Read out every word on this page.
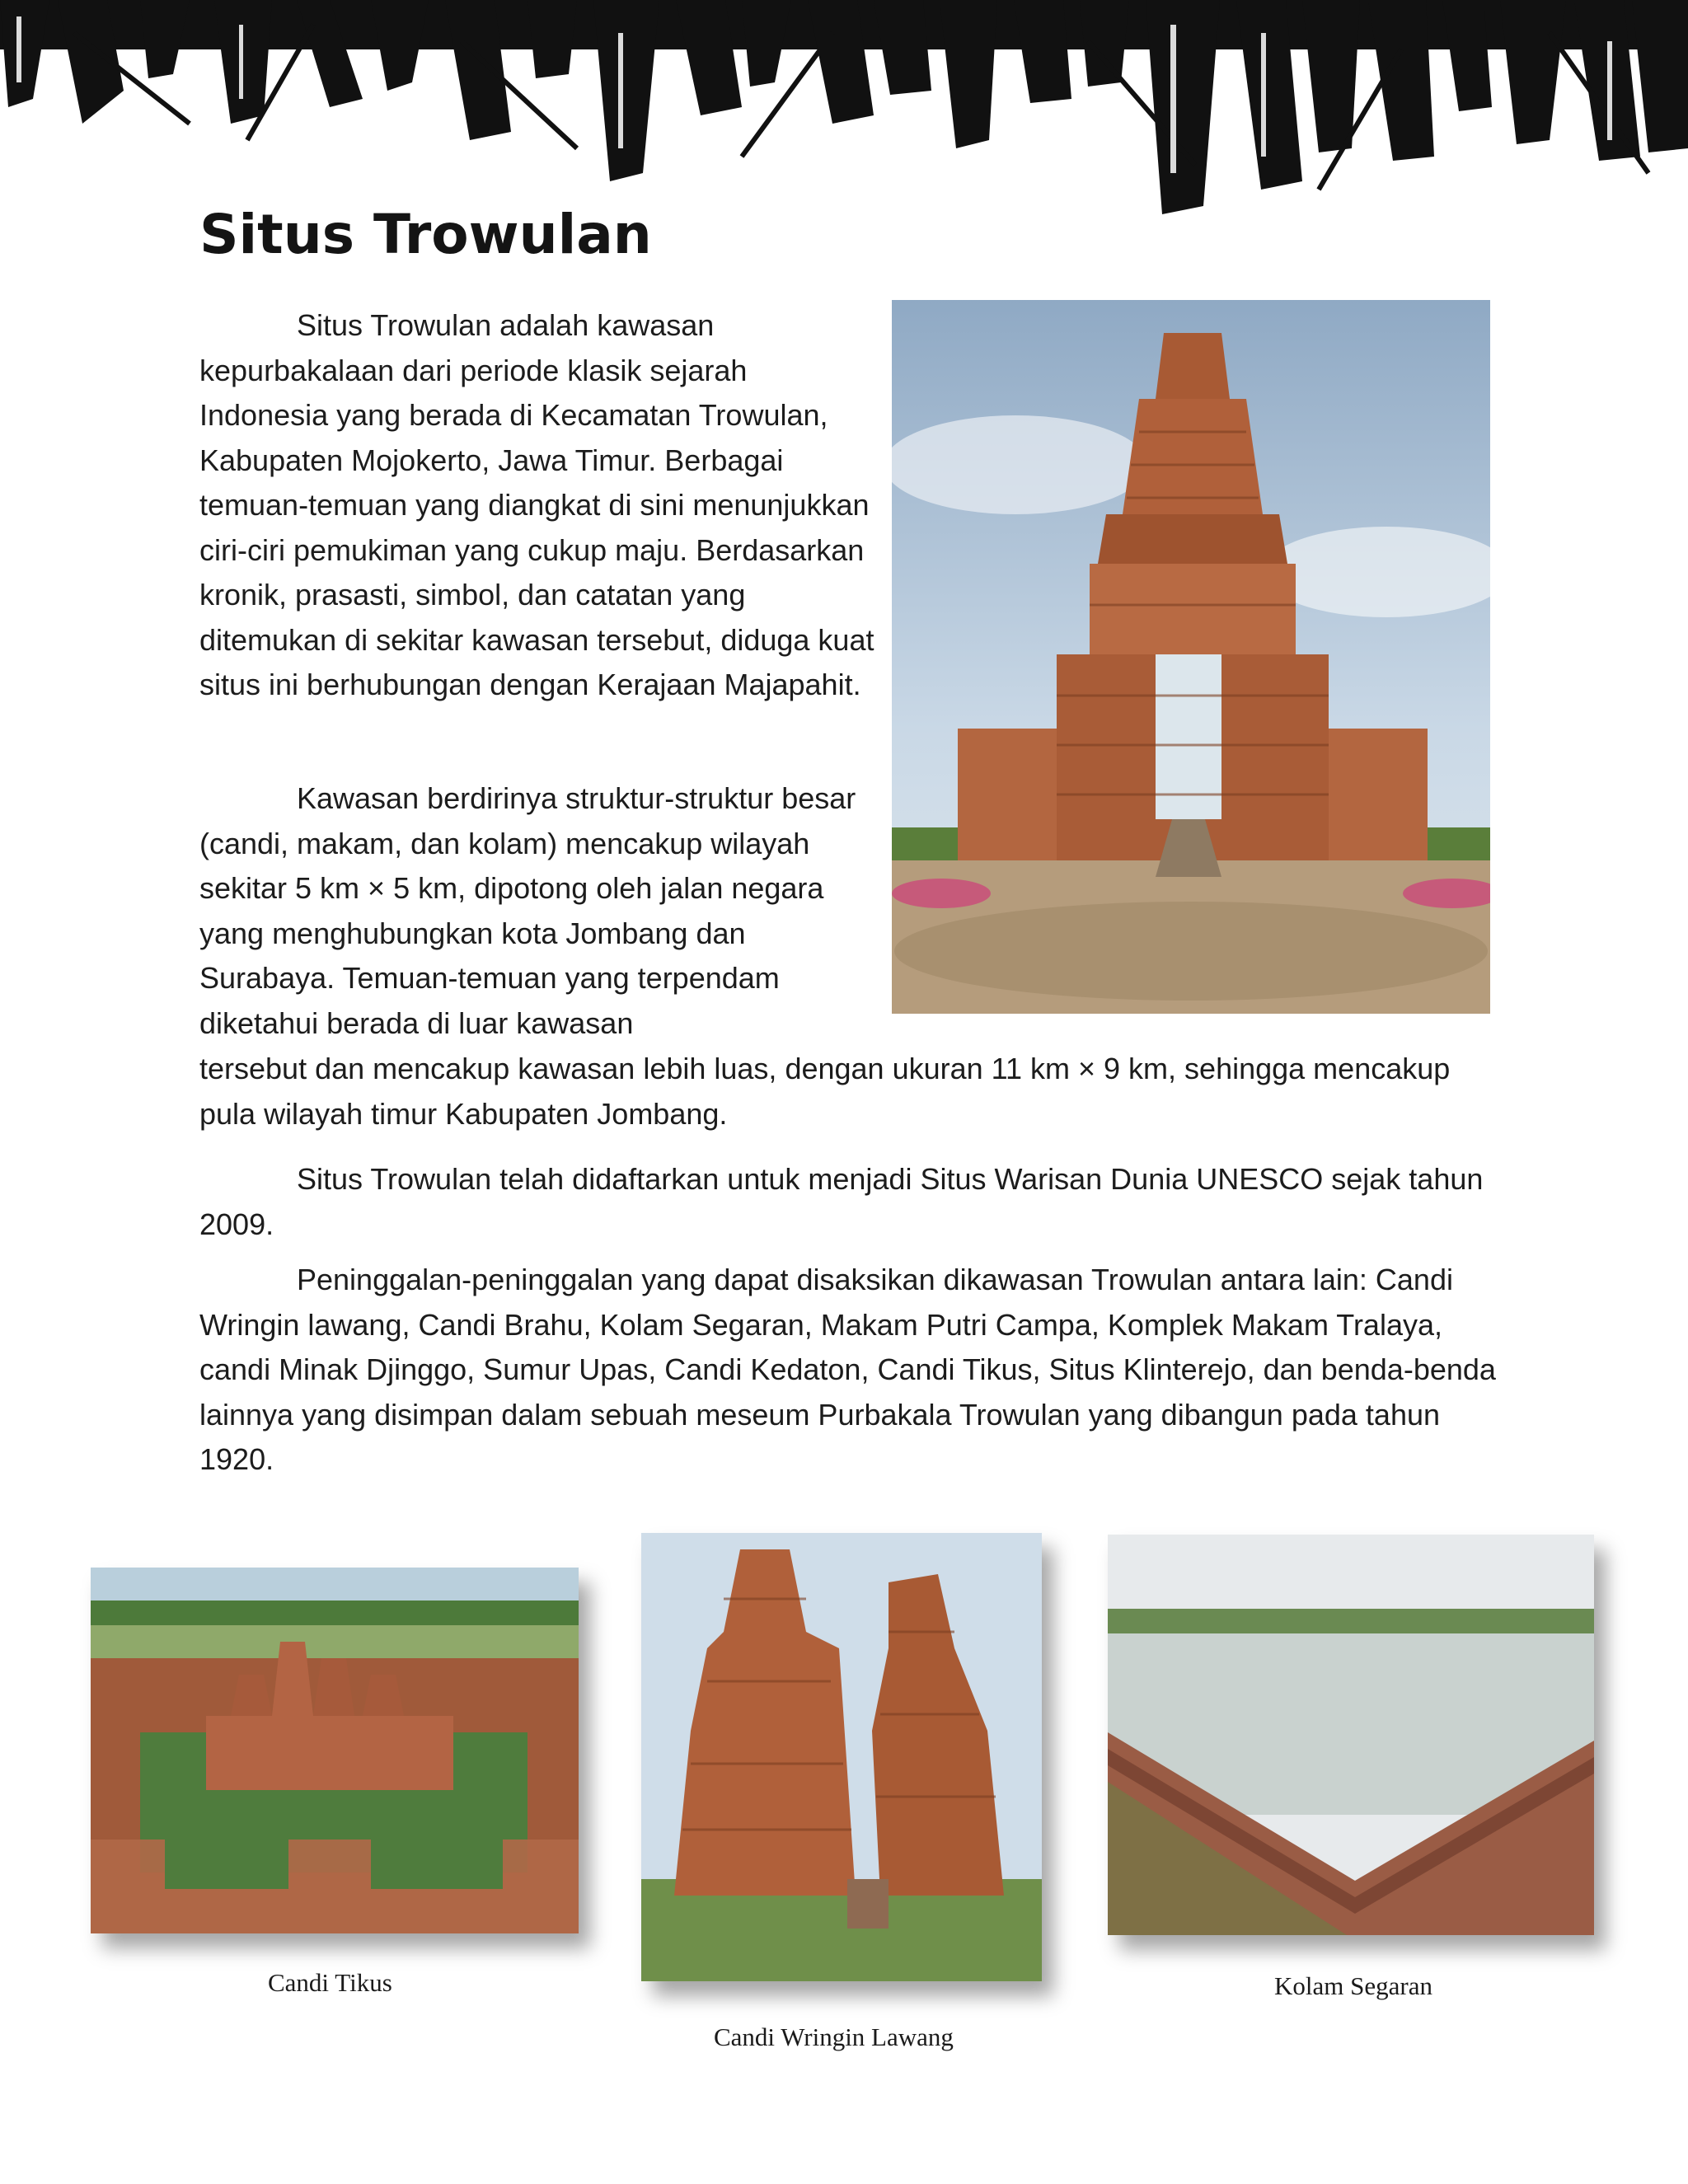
Situs Trowulan

Situs Trowulan adalah kawasan kepurbakalaan dari periode klasik sejarah Indonesia yang berada di Kecamatan Trowulan, Kabupaten Mojokerto, Jawa Timur. Berbagai temuan-temuan yang diangkat di sini menunjukkan ciri-ciri pemukiman yang cukup maju. Berdasarkan kronik, prasasti, simbol, dan catatan yang ditemukan di sekitar kawasan tersebut, diduga kuat situs ini berhubungan dengan Kerajaan Majapahit.

Kawasan berdirinya struktur-struktur besar (candi, makam, dan kolam) mencakup wilayah sekitar 5 km × 5 km, dipotong oleh jalan negara yang menghubungkan kota Jombang dan Surabaya. Temuan-temuan yang terpendam diketahui berada di luar kawasan

tersebut dan mencakup kawasan lebih luas, dengan ukuran 11 km × 9 km, sehingga mencakup pula wilayah timur Kabupaten Jombang.

Situs Trowulan telah didaftarkan untuk menjadi Situs Warisan Dunia UNESCO sejak tahun 2009.

Peninggalan-peninggalan yang dapat disaksikan dikawasan Trowulan antara lain: Candi Wringin lawang, Candi Brahu, Kolam Segaran, Makam Putri Campa, Komplek Makam Tralaya, candi Minak Djinggo, Sumur Upas, Candi Kedaton, Candi Tikus, Situs Klinterejo, dan benda-benda lainnya yang disimpan dalam sebuah meseum Purbakala Trowulan yang dibangun pada tahun 1920.

Candi Tikus

Candi Wringin Lawang

Kolam Segaran
